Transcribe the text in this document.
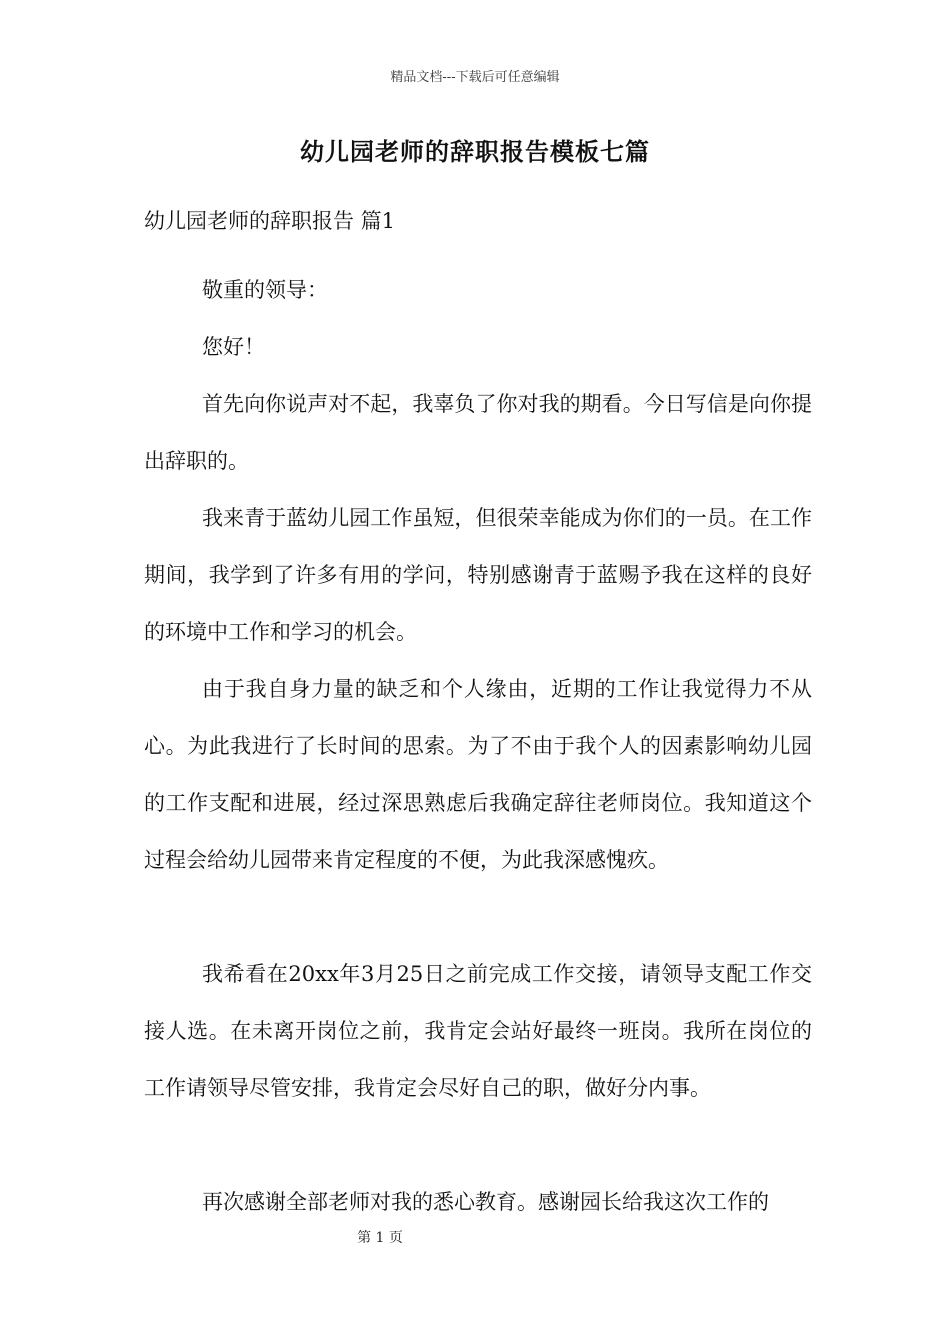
精品文档---下载后可任意编辑
幼儿园老师的辞职报告模板七篇
幼儿园老师的辞职报告 篇1

敬重的领导：

您好！

首先向你说声对不起，我辜负了你对我的期看。今日写信是向你提出辞职的。

我来青于蓝幼儿园工作虽短，但很荣幸能成为你们的一员。在工作期间，我学到了许多有用的学问，特别感谢青于蓝赐予我在这样的良好的环境中工作和学习的机会。

由于我自身力量的缺乏和个人缘由，近期的工作让我觉得力不从心。为此我进行了长时间的思索。为了不由于我个人的因素影响幼儿园的工作支配和进展，经过深思熟虑后我确定辞往老师岗位。我知道这个过程会给幼儿园带来肯定程度的不便，为此我深感愧疚。

我希看在20xx年3月25日之前完成工作交接，请领导支配工作交接人选。在未离开岗位之前，我肯定会站好最终一班岗。我所在岗位的工作请领导尽管安排，我肯定会尽好自己的职，做好分内事。

再次感谢全部老师对我的悉心教育。感谢园长给我这次工作的

第 1 页
